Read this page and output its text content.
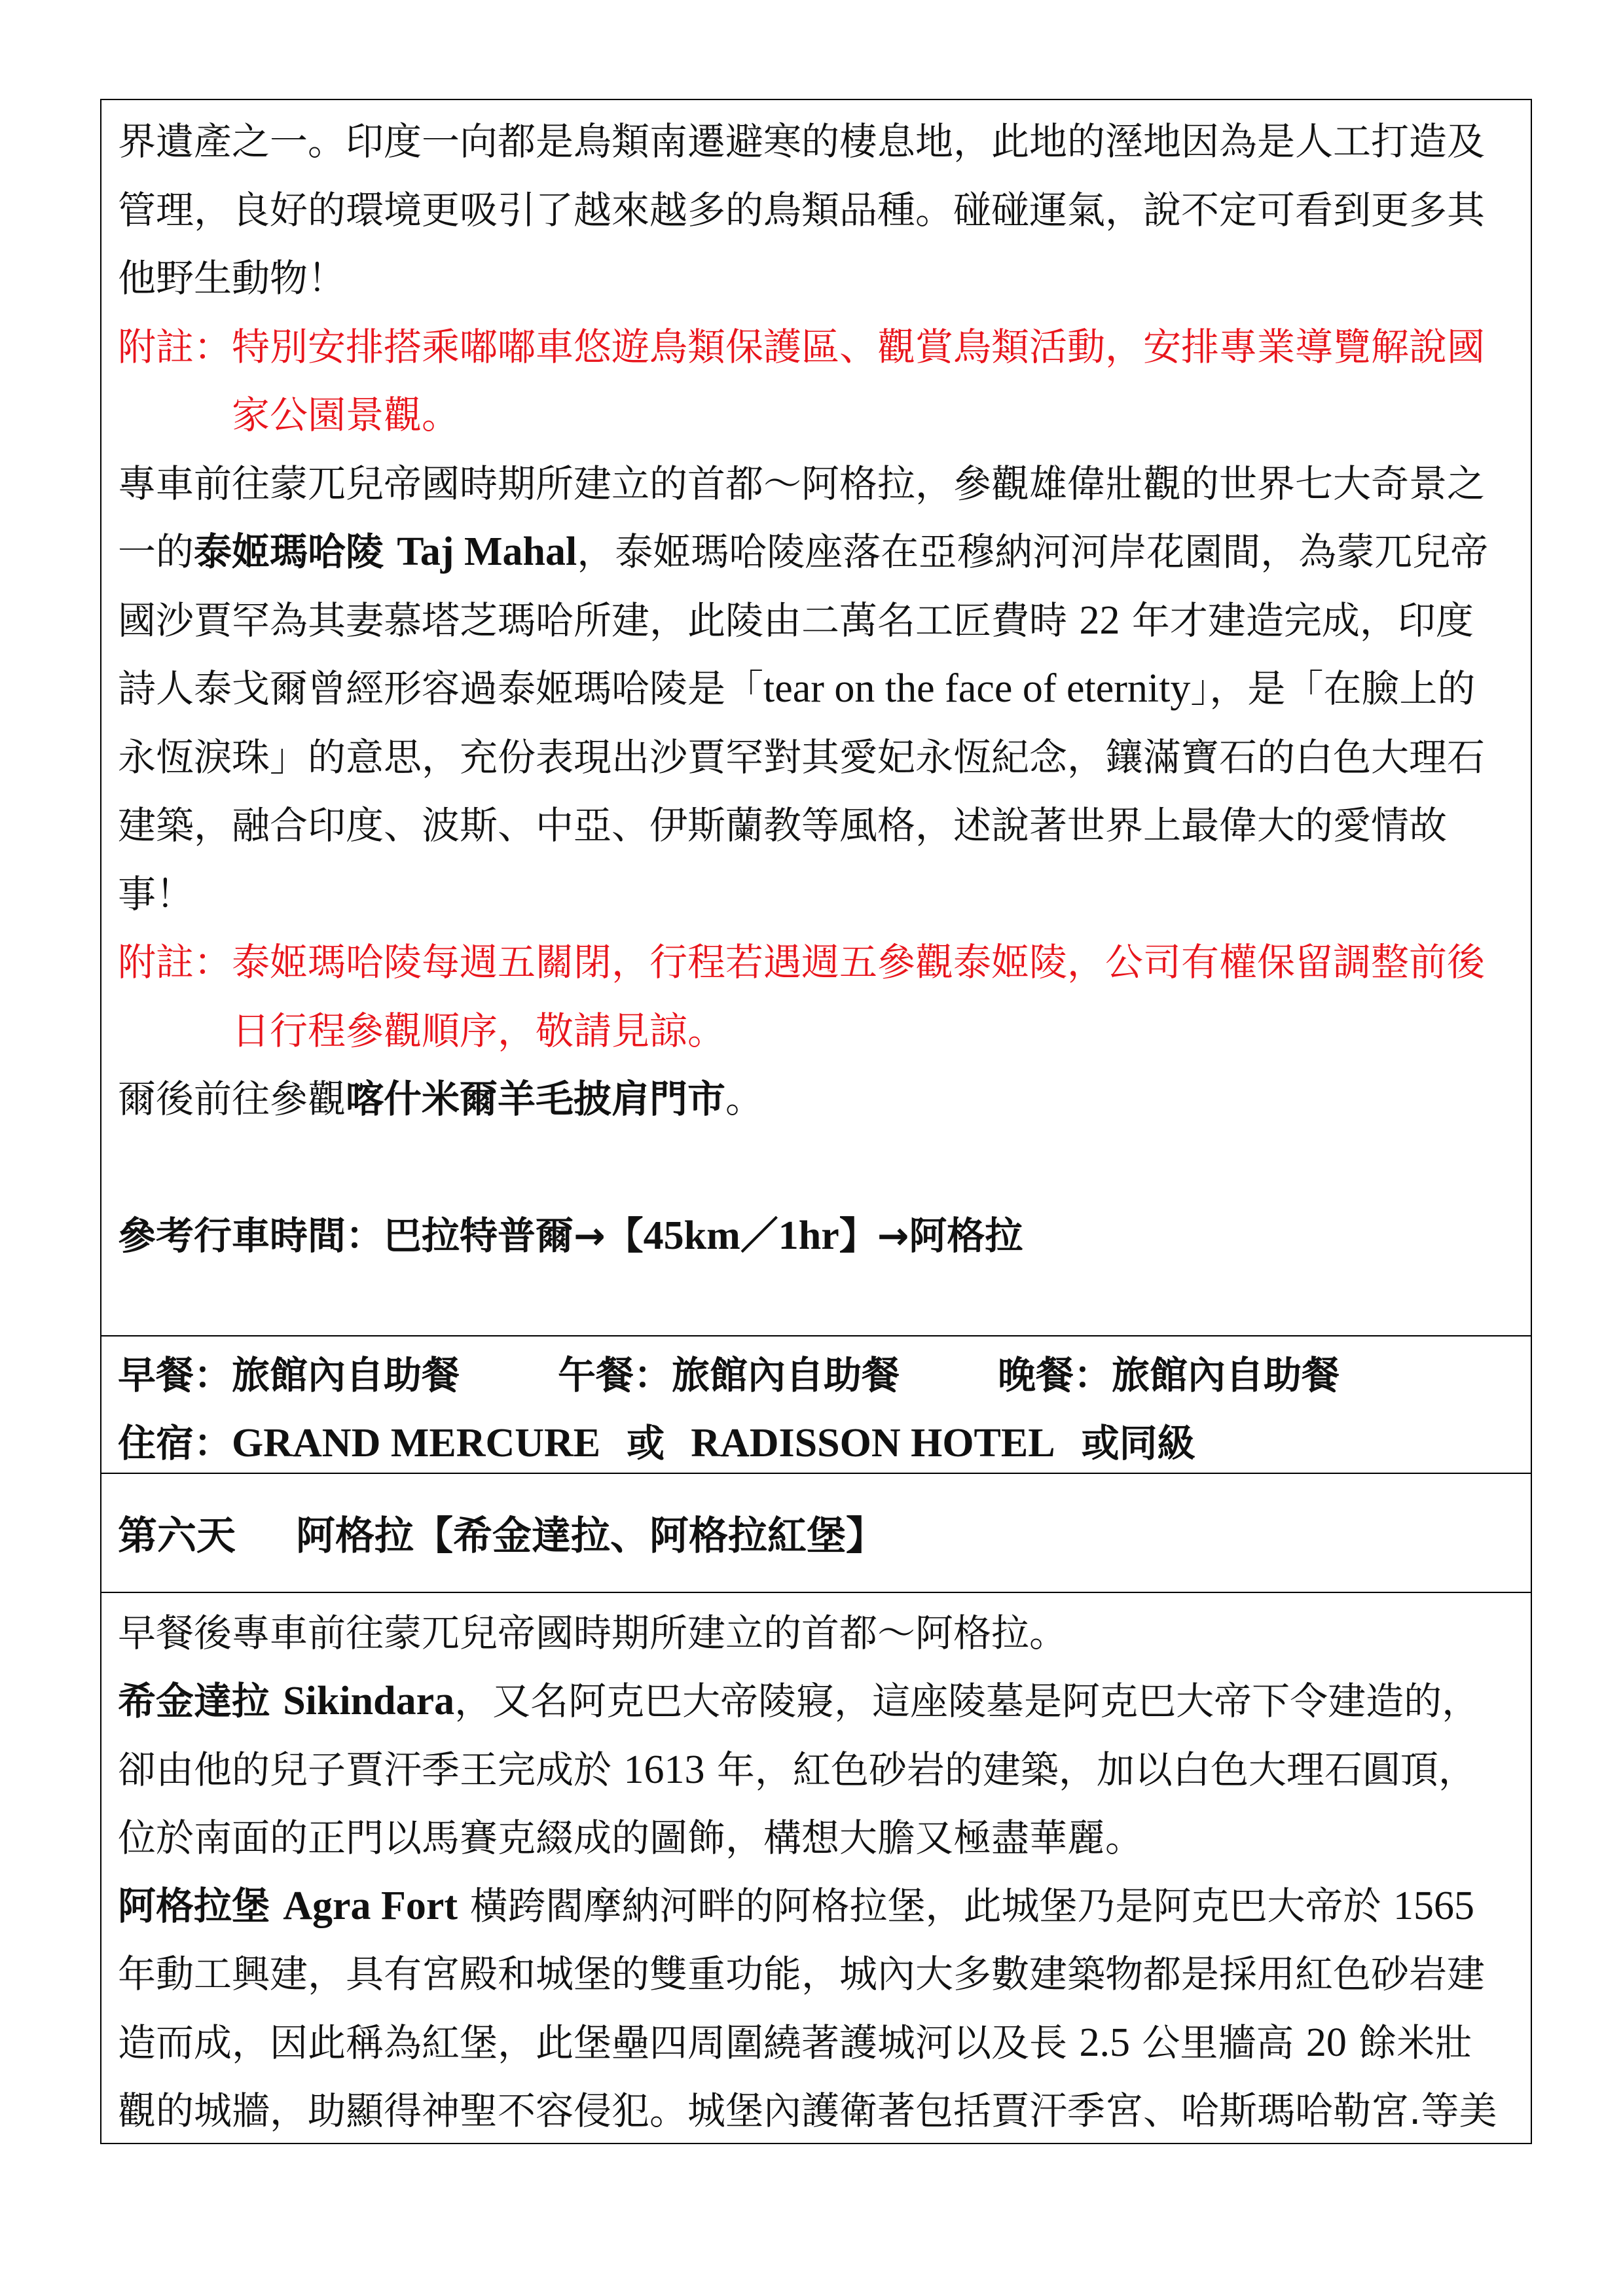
界遺產之一。印度一向都是鳥類南遷避寒的棲息地，此地的溼地因為是人工打造及
管理，良好的環境更吸引了越來越多的鳥類品種。碰碰運氣，說不定可看到更多其
他野生動物！
附註： 特別安排搭乘嘟嘟車悠遊鳥類保護區、觀賞鳥類活動，安排專業導覽解說國
家公園景觀。
專車前往蒙兀兒帝國時期所建立的首都～阿格拉，參觀雄偉壯觀的世界七大奇景之
一的泰姬瑪哈陵 Taj Mahal，泰姬瑪哈陵座落在亞穆納河河岸花園間，為蒙兀兒帝
國沙賈罕為其妻慕塔芝瑪哈所建，此陵由二萬名工匠費時 22 年才建造完成，印度
詩人泰戈爾曾經形容過泰姬瑪哈陵是「tear on the face of eternity」，是「在臉上的
永恆淚珠」的意思，充份表現出沙賈罕對其愛妃永恆紀念，鑲滿寶石的白色大理石
建築，融合印度、波斯、中亞、伊斯蘭教等風格，述說著世界上最偉大的愛情故
事！
附註： 泰姬瑪哈陵每週五關閉，行程若遇週五參觀泰姬陵，公司有權保留調整前後
日行程參觀順序，敬請見諒。
爾後前往參觀喀什米爾羊毛披肩門市。
參考行車時間：巴拉特普爾→【45km／1hr】→阿格拉
早餐：旅館內自助餐	午餐：旅館內自助餐	晚餐：旅館內自助餐
住宿：GRAND MERCURE 或 RADISSON HOTEL 或同級
第六天 阿格拉【希金達拉、阿格拉紅堡】
早餐後專車前往蒙兀兒帝國時期所建立的首都～阿格拉。
希金達拉 Sikindara，又名阿克巴大帝陵寢，這座陵墓是阿克巴大帝下令建造的，
卻由他的兒子賈汗季王完成於 1613 年，紅色砂岩的建築，加以白色大理石圓頂，
位於南面的正門以馬賽克綴成的圖飾，構想大膽又極盡華麗。
阿格拉堡 Agra Fort 橫跨閻摩納河畔的阿格拉堡，此城堡乃是阿克巴大帝於 1565
年動工興建，具有宮殿和城堡的雙重功能，城內大多數建築物都是採用紅色砂岩建
造而成，因此稱為紅堡，此堡壘四周圍繞著護城河以及長 2.5 公里牆高 20 餘米壯
觀的城牆，助顯得神聖不容侵犯。城堡內護衛著包括賈汗季宮、哈斯瑪哈勒宮.等美
